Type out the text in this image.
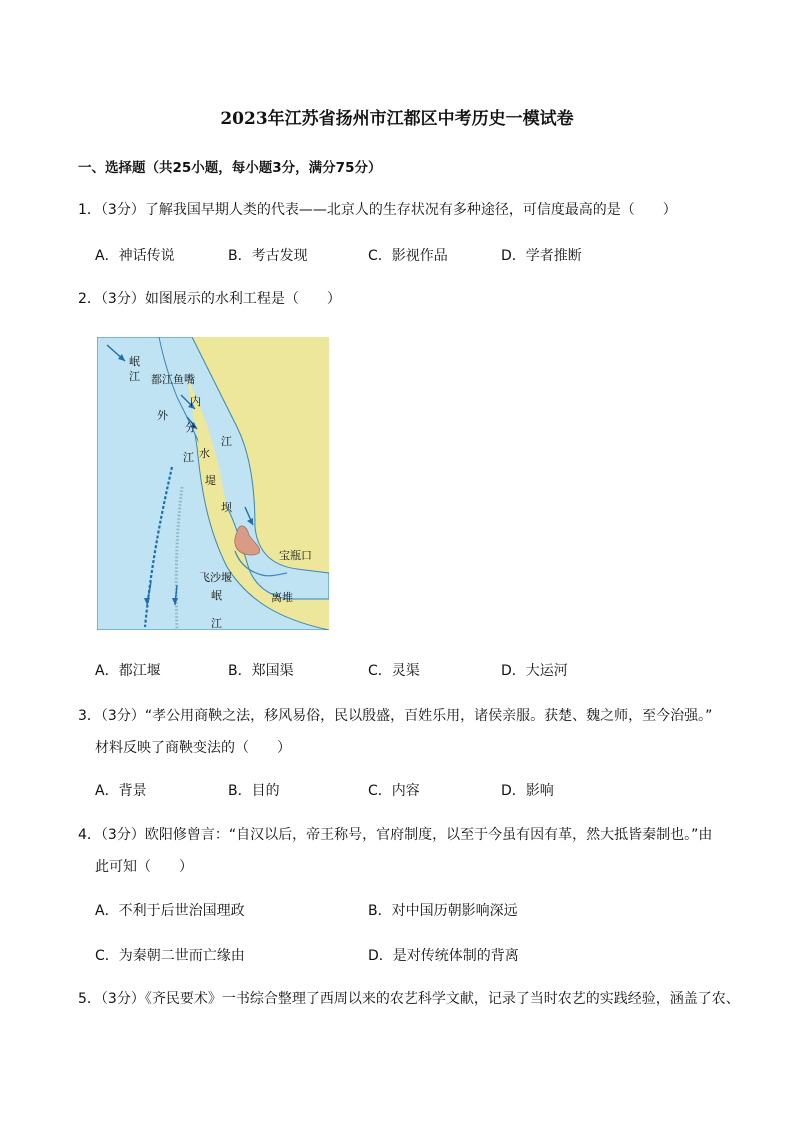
2023年江苏省扬州市江都区中考历史一模试卷
一、选择题（共25小题，每小题3分，满分75分）
1．（3分）了解我国早期人类的代表——北京人的生存状况有多种途径，可信度最高的是（　　）
A．神话传说	B．考古发现	C．影视作品	D．学者推断
2．（3分）如图展示的水利工程是（　　）
岷江 都江鱼嘴
内江
外江
分水堤坝
宝瓶口
飞沙堰
离堆
岷江
A．都江堰	B．郑国渠	C．灵渠	D．大运河
3．（3分）“孝公用商鞅之法，移风易俗，民以殷盛，百姓乐用，诸侯亲服。获楚、魏之师，至今治强。”
材料反映了商鞅变法的（　　）
A．背景	B．目的	C．内容	D．影响
4．（3分）欧阳修曾言：“自汉以后，帝王称号，官府制度，以至于今虽有因有革，然大抵皆秦制也。”由
此可知（　　）
A．不利于后世治国理政	B．对中国历朝影响深远
C．为秦朝二世而亡缘由	D．是对传统体制的背离
5．（3分）《齐民要术》一书综合整理了西周以来的农艺科学文献，记录了当时农艺的实践经验，涵盖了农、
